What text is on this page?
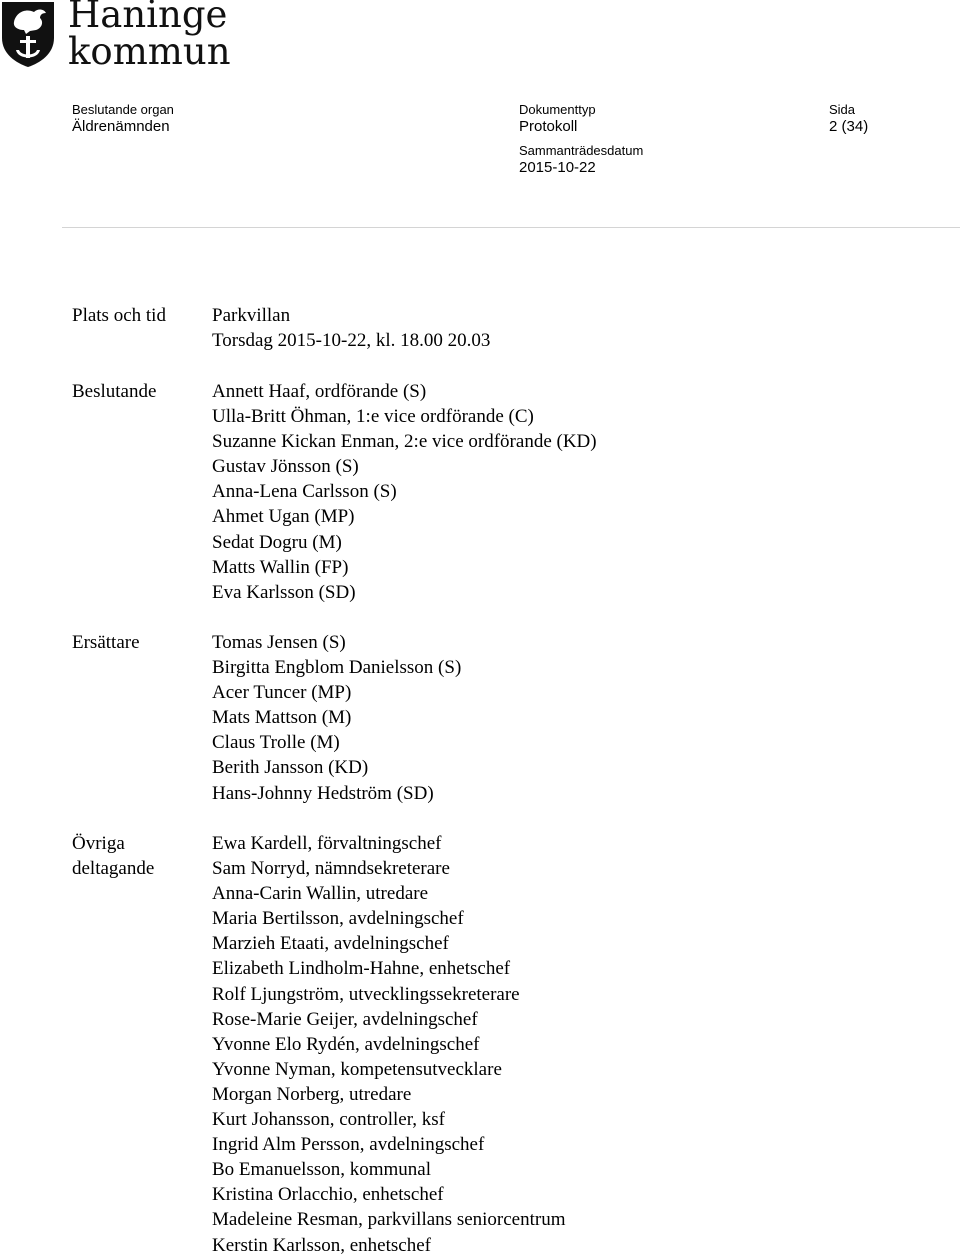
Haninge
kommun
Beslutande organ
Äldrenämnden
Dokumenttyp
Protokoll
Sammanträdesdatum
2015-10-22
Sida
2 (34)
Plats och tid	Parkvillan
Torsdag 2015-10-22, kl. 18.00 20.03
Beslutande	Annett Haaf, ordförande (S)
Ulla-Britt Öhman, 1:e vice ordförande (C)
Suzanne Kickan Enman, 2:e vice ordförande (KD)
Gustav Jönsson (S)
Anna-Lena Carlsson (S)
Ahmet Ugan (MP)
Sedat Dogru (M)
Matts Wallin (FP)
Eva Karlsson (SD)
Ersättare	Tomas Jensen (S)
Birgitta Engblom Danielsson (S)
Acer Tuncer (MP)
Mats Mattson (M)
Claus Trolle (M)
Berith Jansson (KD)
Hans-Johnny Hedström (SD)
Övriga
deltagande
Ewa Kardell, förvaltningschef
Sam Norryd, nämndsekreterare
Anna-Carin Wallin, utredare
Maria Bertilsson, avdelningschef
Marzieh Etaati, avdelningschef
Elizabeth Lindholm-Hahne, enhetschef
Rolf Ljungström, utvecklingssekreterare
Rose-Marie Geijer, avdelningschef
Yvonne Elo Rydén, avdelningschef
Yvonne Nyman, kompetensutvecklare
Morgan Norberg, utredare
Kurt Johansson, controller, ksf
Ingrid Alm Persson, avdelningschef
Bo Emanuelsson, kommunal
Kristina Orlacchio, enhetschef
Madeleine Resman, parkvillans seniorcentrum
Kerstin Karlsson, enhetschef
